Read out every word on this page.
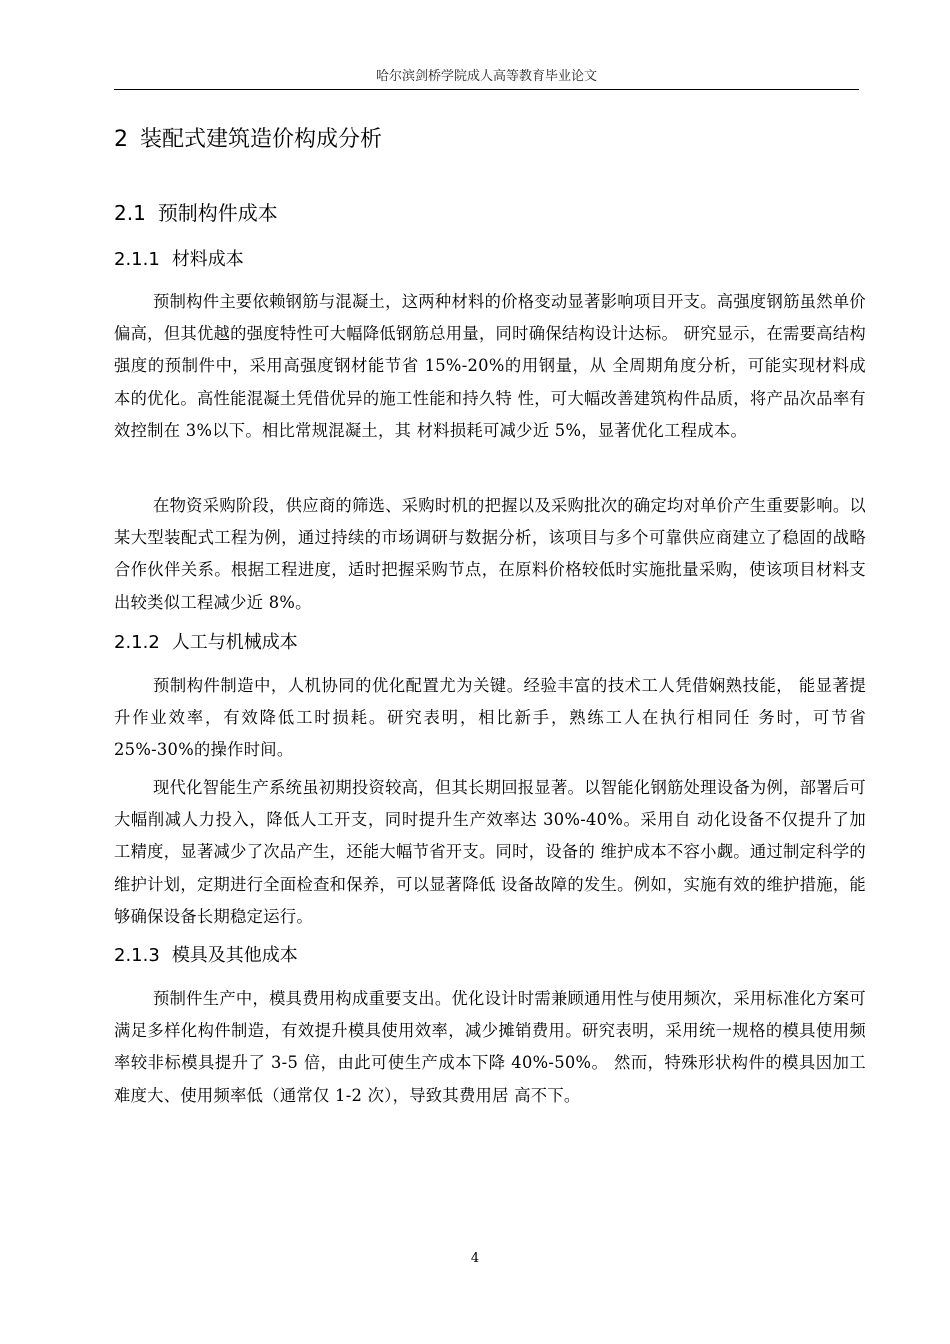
哈尔滨剑桥学院成人高等教育毕业论文
2 装配式建筑造价构成分析
2.1 预制构件成本
2.1.1 材料成本

预制构件主要依赖钢筋与混凝土，这两种材料的价格变动显著影响项目开支。高强度钢筋虽然单价偏高，但其优越的强度特性可大幅降低钢筋总用量，同时确保结构设计达标。 研究显示，在需要高结构强度的预制件中，采用高强度钢材能节省 15%-20%的用钢量，从 全周期角度分析，可能实现材料成本的优化。高性能混凝土凭借优异的施工性能和持久特 性，可大幅改善建筑构件品质，将产品次品率有效控制在 3%以下。相比常规混凝土，其 材料损耗可减少近 5%，显著优化工程成本。

在物资采购阶段，供应商的筛选、采购时机的把握以及采购批次的确定均对单价产生重要影响。以某大型装配式工程为例，通过持续的市场调研与数据分析，该项目与多个可靠供应商建立了稳固的战略合作伙伴关系。根据工程进度，适时把握采购节点，在原料价格较低时实施批量采购，使该项目材料支出较类似工程减少近 8%。

2.1.2 人工与机械成本

预制构件制造中，人机协同的优化配置尤为关键。经验丰富的技术工人凭借娴熟技能， 能显著提升作业效率，有效降低工时损耗。研究表明，相比新手，熟练工人在执行相同任 务时，可节省 25%-30%的操作时间。

现代化智能生产系统虽初期投资较高，但其长期回报显著。以智能化钢筋处理设备为例，部署后可大幅削减人力投入，降低人工开支，同时提升生产效率达 30%-40%。采用自 动化设备不仅提升了加工精度，显著减少了次品产生，还能大幅节省开支。同时，设备的 维护成本不容小觑。通过制定科学的维护计划，定期进行全面检查和保养，可以显著降低 设备故障的发生。例如，实施有效的维护措施，能够确保设备长期稳定运行。

2.1.3 模具及其他成本

预制件生产中，模具费用构成重要支出。优化设计时需兼顾通用性与使用频次，采用标准化方案可满足多样化构件制造，有效提升模具使用效率，减少摊销费用。研究表明，采用统一规格的模具使用频率较非标模具提升了 3-5 倍，由此可使生产成本下降 40%-50%。 然而，特殊形状构件的模具因加工难度大、使用频率低（通常仅 1-2 次），导致其费用居 高不下。

4
